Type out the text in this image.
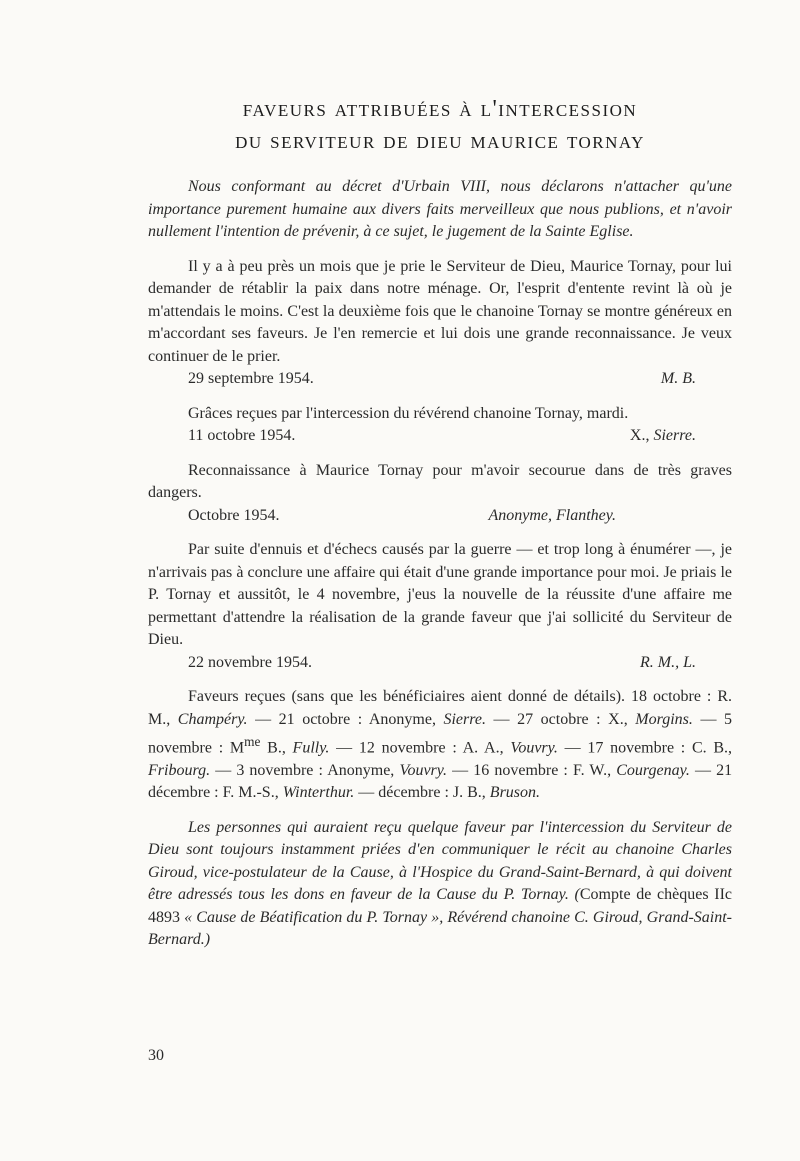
faveurs attribuées à l'intercession
du serviteur de dieu maurice tornay

Nous conformant au décret d'Urbain VIII, nous déclarons n'attacher qu'une importance purement humaine aux divers faits merveilleux que nous publions, et n'avoir nullement l'intention de prévenir, à ce sujet, le jugement de la Sainte Eglise.

Il y a à peu près un mois que je prie le Serviteur de Dieu, Maurice Tornay, pour lui demander de rétablir la paix dans notre ménage. Or, l'esprit d'entente revint là où je m'attendais le moins. C'est la deuxième fois que le chanoine Tornay se montre généreux en m'accordant ses faveurs. Je l'en remercie et lui dois une grande reconnaissance. Je veux continuer de le prier.

29 septembre 1954.	M. B.

Grâces reçues par l'intercession du révérend chanoine Tornay, mardi.

11 octobre 1954.	X., Sierre.

Reconnaissance à Maurice Tornay pour m'avoir secourue dans de très graves dangers.

Octobre 1954.	Anonyme, Flanthey.

Par suite d'ennuis et d'échecs causés par la guerre — et trop long à énumérer —, je n'arrivais pas à conclure une affaire qui était d'une grande importance pour moi. Je priais le P. Tornay et aussitôt, le 4 novembre, j'eus la nouvelle de la réussite d'une affaire me permettant d'attendre la réalisation de la grande faveur que j'ai sollicité du Serviteur de Dieu.

22 novembre 1954.	R. M., L.

Faveurs reçues (sans que les bénéficiaires aient donné de détails). 18 octobre : R. M., Champéry. — 21 octobre : Anonyme, Sierre. — 27 octobre : X., Morgins. — 5 novembre : $M^{me}$ B., Fully. — 12 novembre : A. A., Vouvry. — 17 novembre : C. B., Fribourg. — 3 novembre : Anonyme, Vouvry. — 16 novembre : F. W., Courgenay. — 21 décembre : F. M.-S., Winterthur. — décembre : J. B., Bruson.

Les personnes qui auraient reçu quelque faveur par l'intercession du Serviteur de Dieu sont toujours instamment priées d'en communiquer le récit au chanoine Charles Giroud, vice-postulateur de la Cause, à l'Hospice du Grand-Saint-Bernard, à qui doivent être adressés tous les dons en faveur de la Cause du P. Tornay. (Compte de chèques IIc 4893 « Cause de Béatification du P. Tornay », Révérend chanoine C. Giroud, Grand-Saint-Bernard.)

30
